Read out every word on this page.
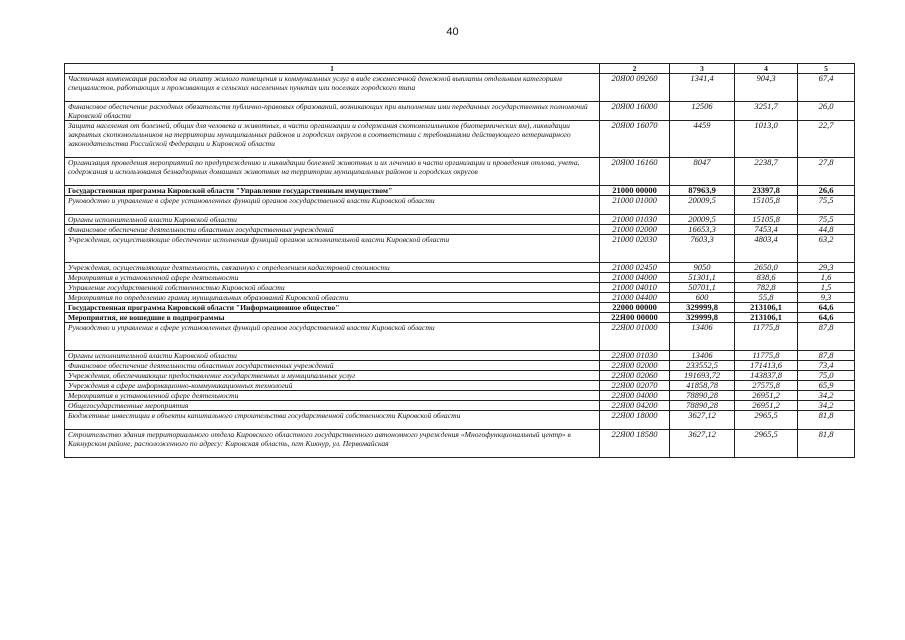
40
1	2	3	4	5
Частичная компенсация расходов на оплату жилого помещения и коммунальных услуг в виде ежемесячной денежной выплаты отдельным категориям специалистов, работающих и проживающих в сельских населенных пунктах или поселках городского типа	20Я00 09260	1341,4	904,3	67,4
Финансовое обеспечение расходных обязательств публично-правовых образований, возникающих при выполнении ими переданных государственных полномочий Кировской области	20Я00 16000	12506	3251,7	26,0
Защита населения от болезней, общих для человека и животных, в части организации и содержания скотомогильников (биотермических ям), ликвидации закрытых скотомогильников на территории муниципальных районов и городских округов в соответствии с требованиями действующего ветеринарного законодательства Российской Федерации и Кировской области	20Я00 16070	4459	1013,0	22,7
Организация проведения мероприятий по предупреждению и ликвидации болезней животных и их лечению в части организации и проведения отлова, учета, содержания и использования безнадзорных домашних животных на территории муниципальных районов и городских округов	20Я00 16160	8047	2238,7	27,8
Государственная программа Кировской области "Управление государственным имуществом"	21000 00000	87963,9	23397,8	26,6
Руководство и управление в сфере установленных функций органов государственной власти Кировской области	21000 01000	20009,5	15105,8	75,5
Органы исполнительной власти Кировской области	21000 01030	20009,5	15105,8	75,5
Финансовое обеспечение деятельности областных государственных учреждений	21000 02000	16653,3	7453,4	44,8
Учреждения, осуществляющие обеспечение исполнения функций органов исполнительной власти Кировской области	21000 02030	7603,3	4803,4	63,2
Учреждения, осуществляющие деятельность, связанную с определением кадастровой стоимости	21000 02450	9050	2650,0	29,3
Мероприятия в установленной сфере деятельности	21000 04000	51301,1	838,6	1,6
Управление государственной собственностью Кировской области	21000 04010	50701,1	782,8	1,5
Мероприятия по определению границ муниципальных образований Кировской области	21000 04400	600	55,8	9,3
Государственная программа Кировской области "Информационное общество"	22000 00000	329999,8	213106,1	64,6
Мероприятия, не вошедшие в подпрограммы	22Я00 00000	329999,8	213106,1	64,6
Руководство и управление в сфере установленных функций органов государственной власти Кировской области	22Я00 01000	13406	11775,8	87,8
Органы исполнительной власти Кировской области	22Я00 01030	13406	11775,8	87,8
Финансовое обеспечение деятельности областных государственных учреждений	22Я00 02000	233552,5	171413,6	73,4
Учреждения, обеспечивающие предоставление государственных и муниципальных услуг	22Я00 02060	191693,72	143837,8	75,0
Учреждения в сфере информационно-коммуникационных технологий	22Я00 02070	41858,78	27575,8	65,9
Мероприятия в установленной сфере деятельности	22Я00 04000	78890,28	26951,2	34,2
Общегосударственные мероприятия	22Я00 04200	78890,28	26951,2	34,2
Бюджетные инвестиции в объекты капитального строительства государственной собственности Кировской области	22Я00 18000	3627,12	2965,5	81,8
Строительство здания территориального отдела Кировского областного государственного автономного учреждения «Многофункциональный центр» в Кикнурском районе, расположенного по адресу: Кировская область, пгт Кикнур, ул. Первомайская	22Я00 18580	3627,12	2965,5	81,8
